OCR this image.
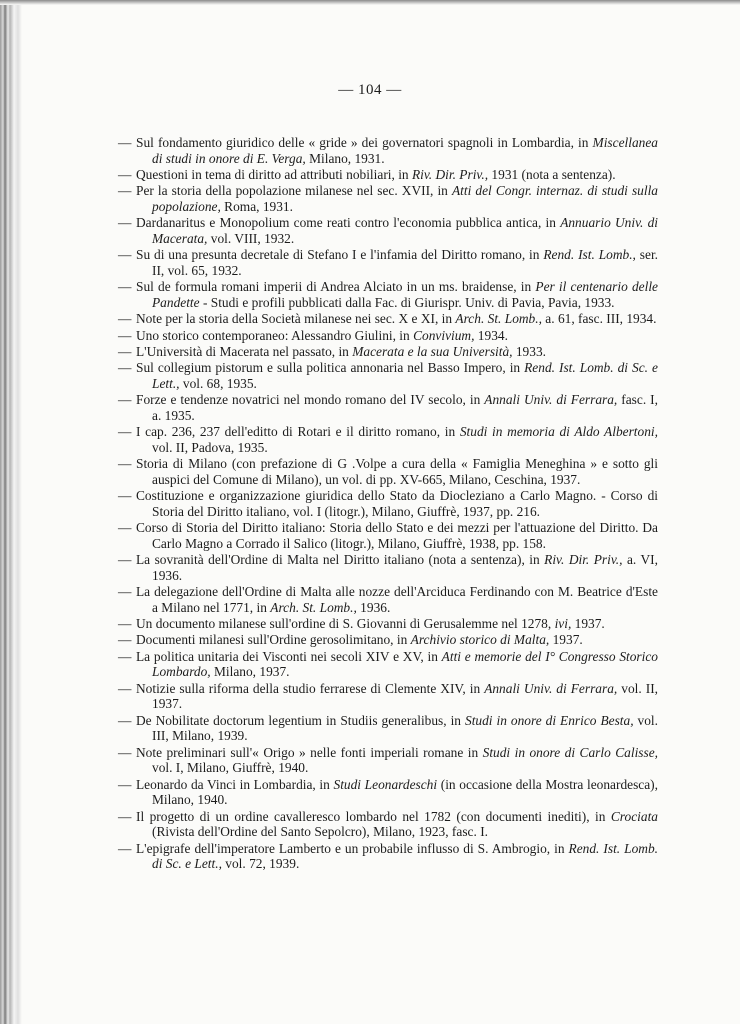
— 104 —

— Sul fondamento giuridico delle « gride » dei governatori spagnoli in Lombardia, in Miscellanea di studi in onore di E. Verga, Milano, 1931.

— Questioni in tema di diritto ad attributi nobiliari, in Riv. Dir. Priv., 1931 (nota a sentenza).

— Per la storia della popolazione milanese nel sec. XVII, in Atti del Congr. internaz. di studi sulla popolazione, Roma, 1931.

— Dardanaritus e Monopolium come reati contro l'economia pubblica antica, in Annuario Univ. di Macerata, vol. VIII, 1932.

— Su di una presunta decretale di Stefano I e l'infamia del Diritto romano, in Rend. Ist. Lomb., ser. II, vol. 65, 1932.

— Sul de formula romani imperii di Andrea Alciato in un ms. braidense, in Per il centenario delle Pandette - Studi e profili pubblicati dalla Fac. di Giurispr. Univ. di Pavia, Pavia, 1933.

— Note per la storia della Società milanese nei sec. X e XI, in Arch. St. Lomb., a. 61, fasc. III, 1934.

— Uno storico contemporaneo: Alessandro Giulini, in Convivium, 1934.

— L'Università di Macerata nel passato, in Macerata e la sua Università, 1933.

— Sul collegium pistorum e sulla politica annonaria nel Basso Impero, in Rend. Ist. Lomb. di Sc. e Lett., vol. 68, 1935.

— Forze e tendenze novatrici nel mondo romano del IV secolo, in Annali Univ. di Ferrara, fasc. I, a. 1935.

— I cap. 236, 237 dell'editto di Rotari e il diritto romano, in Studi in memoria di Aldo Albertoni, vol. II, Padova, 1935.

— Storia di Milano (con prefazione di G .Volpe a cura della « Famiglia Meneghina » e sotto gli auspici del Comune di Milano), un vol. di pp. XV-665, Milano, Ceschina, 1937.

— Costituzione e organizzazione giuridica dello Stato da Diocleziano a Carlo Magno. - Corso di Storia del Diritto italiano, vol. I (litogr.), Milano, Giuffrè, 1937, pp. 216.

— Corso di Storia del Diritto italiano: Storia dello Stato e dei mezzi per l'attuazione del Diritto. Da Carlo Magno a Corrado il Salico (litogr.), Milano, Giuffrè, 1938, pp. 158.

— La sovranità dell'Ordine di Malta nel Diritto italiano (nota a sentenza), in Riv. Dir. Priv., a. VI, 1936.

— La delegazione dell'Ordine di Malta alle nozze dell'Arciduca Ferdinando con M. Beatrice d'Este a Milano nel 1771, in Arch. St. Lomb., 1936.

— Un documento milanese sull'ordine di S. Giovanni di Gerusalemme nel 1278, ivi, 1937.

— Documenti milanesi sull'Ordine gerosolimitano, in Archivio storico di Malta, 1937.

— La politica unitaria dei Visconti nei secoli XIV e XV, in Atti e memorie del I° Congresso Storico Lombardo, Milano, 1937.

— Notizie sulla riforma della studio ferrarese di Clemente XIV, in Annali Univ. di Ferrara, vol. II, 1937.

— De Nobilitate doctorum legentium in Studiis generalibus, in Studi in onore di Enrico Besta, vol. III, Milano, 1939.

— Note preliminari sull'« Origo » nelle fonti imperiali romane in Studi in onore di Carlo Calisse, vol. I, Milano, Giuffrè, 1940.

— Leonardo da Vinci in Lombardia, in Studi Leonardeschi (in occasione della Mostra leonardesca), Milano, 1940.

— Il progetto di un ordine cavalleresco lombardo nel 1782 (con documenti inediti), in Crociata (Rivista dell'Ordine del Santo Sepolcro), Milano, 1923, fasc. I.

— L'epigrafe dell'imperatore Lamberto e un probabile influsso di S. Ambrogio, in Rend. Ist. Lomb. di Sc. e Lett., vol. 72, 1939.
